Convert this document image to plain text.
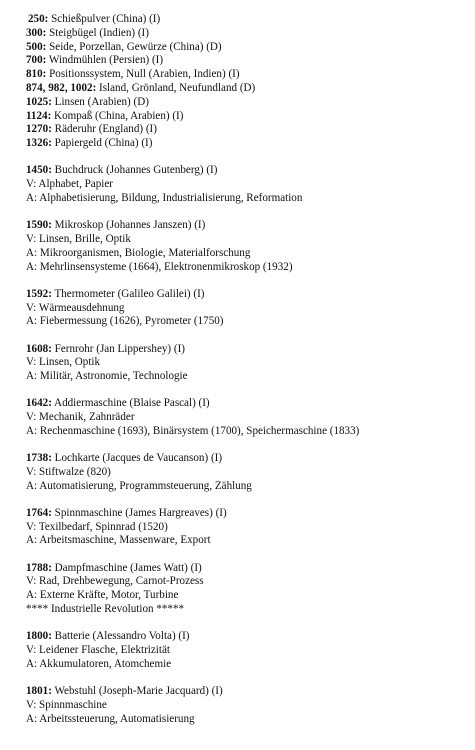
250: Schießpulver (China) (I)
300: Steigbügel (Indien) (I)
500: Seide, Porzellan, Gewürze (China) (D)
700: Windmühlen (Persien) (I)
810: Positionssystem, Null (Arabien, Indien) (I)
874, 982, 1002: Island, Grönland, Neufundland (D)
1025: Linsen (Arabien) (D)
1124: Kompaß (China, Arabien) (I)
1270: Räderuhr (England) (I)
1326: Papiergeld (China) (I)
1450: Buchdruck (Johannes Gutenberg) (I)
V: Alphabet, Papier
A: Alphabetisierung, Bildung, Industrialisierung, Reformation
1590: Mikroskop (Johannes Janszen) (I)
V: Linsen, Brille, Optik
A: Mikroorganismen, Biologie, Materialforschung
A: Mehrlinsensysteme (1664), Elektronenmikroskop (1932)
1592: Thermometer (Galileo Galilei) (I)
V: Wärmeausdehnung
A: Fiebermessung (1626), Pyrometer (1750)
1608: Fernrohr (Jan Lippershey) (I)
V: Linsen, Optik
A: Militär, Astronomie, Technologie
1642: Addiermaschine (Blaise Pascal) (I)
V: Mechanik, Zahnräder
A: Rechenmaschine (1693), Binärsystem (1700), Speichermaschine (1833)
1738: Lochkarte (Jacques de Vaucanson) (I)
V: Stiftwalze (820)
A: Automatisierung, Programmsteuerung, Zählung
1764: Spinnmaschine (James Hargreaves) (I)
V: Texilbedarf, Spinnrad (1520)
A: Arbeitsmaschine, Massenware, Export
1788: Dampfmaschine (James Watt) (I)
V: Rad, Drehbewegung, Carnot-Prozess
A: Externe Kräfte, Motor, Turbine
**** Industrielle Revolution *****
1800: Batterie (Alessandro Volta) (I)
V: Leidener Flasche, Elektrizität
A: Akkumulatoren, Atomchemie
1801: Webstuhl (Joseph-Marie Jacquard) (I)
V: Spinnmaschine
A: Arbeitssteuerung, Automatisierung
